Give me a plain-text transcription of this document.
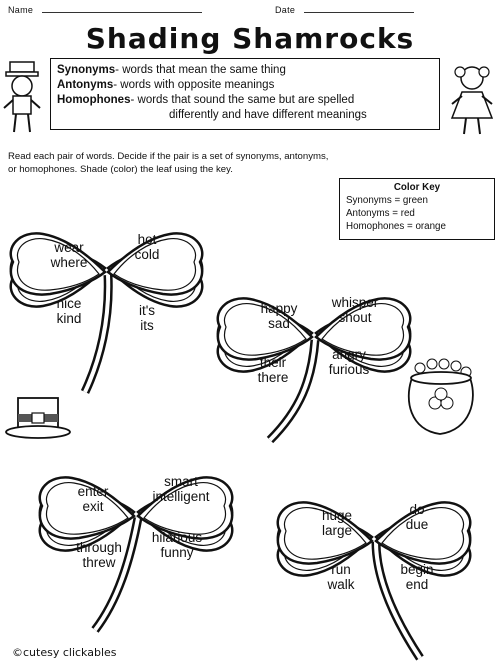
Name	Date
Shading Shamrocks
Synonyms- words that mean the same thing
Antonyms- words with opposite meanings
Homophones- words that sound the same but are spelled
differently and have different meanings
Read each pair of words. Decide if the pair is a set of synonyms, antonyms, or homophones. Shade (color) the leaf using the key.
Color Key
Synonyms = green
Antonyms = red
Homophones = orange
wear
where
hot
cold
nice
kind
it's
its
happy
sad
whisper
shout
their
there
angry
furious
enter
exit
smart
intelligent
through
threw
hilarious
funny
huge
large
do
due
run
walk
begin
end
©cutesy clickables
